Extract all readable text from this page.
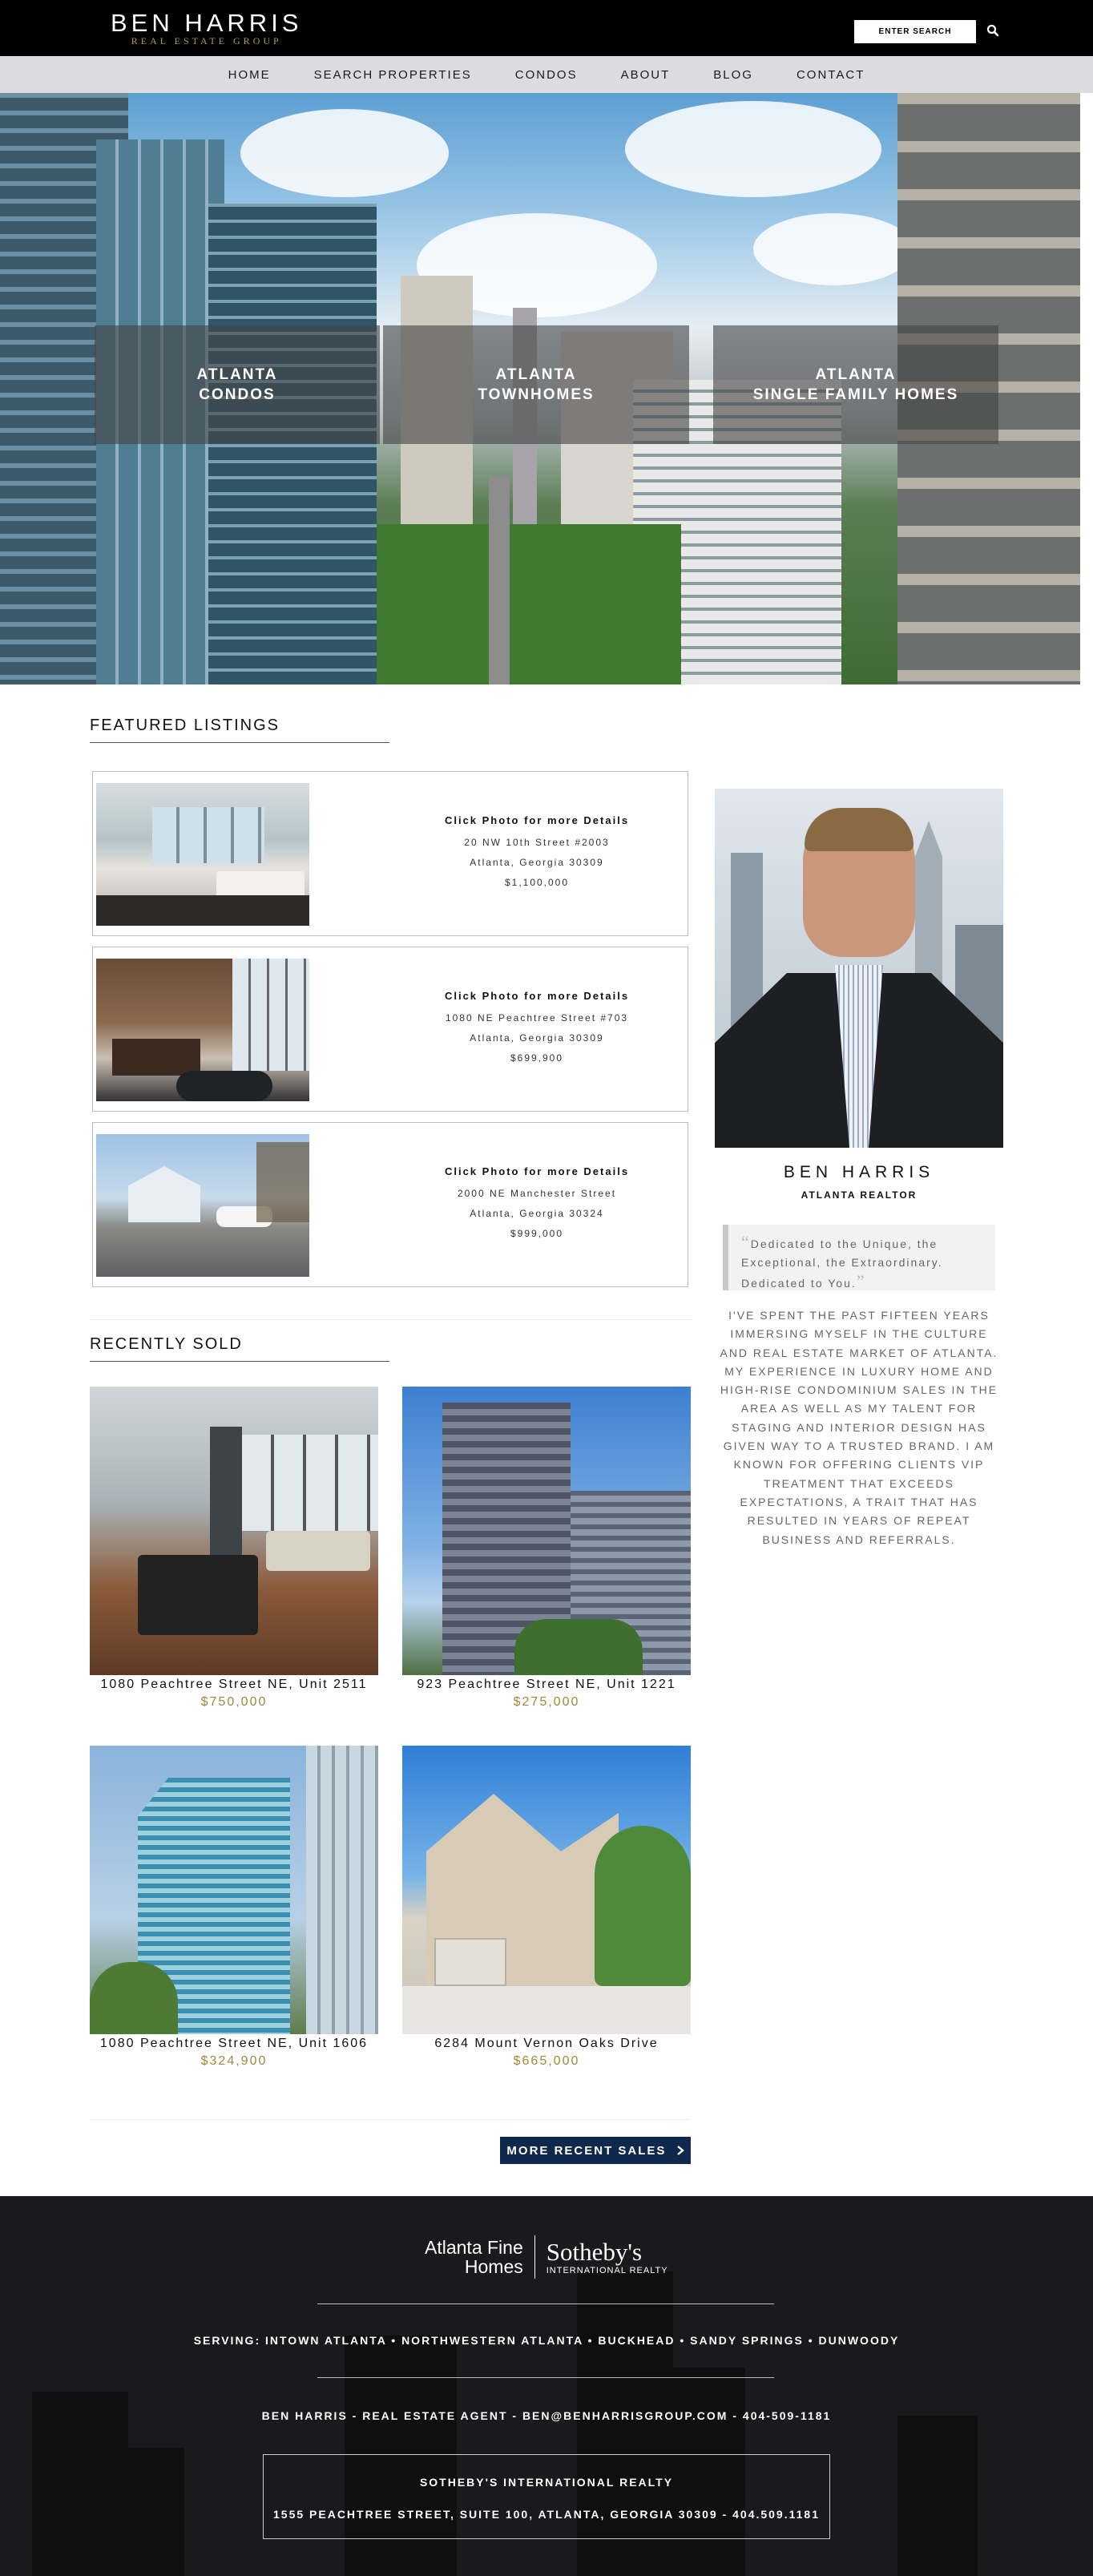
BEN HARRIS
REAL ESTATE GROUP
ENTER SEARCH
HOME	SEARCH PROPERTIES	CONDOS	ABOUT	BLOG	CONTACT
ATLANTA
CONDOS
ATLANTA
TOWNHOMES
ATLANTA
SINGLE FAMILY HOMES
FEATURED LISTINGS
Click Photo for more Details
20 NW 10th Street #2003
Atlanta, Georgia 30309
$1,100,000
Click Photo for more Details
1080 NE Peachtree Street #703
Atlanta, Georgia 30309
$699,900
Click Photo for more Details
2000 NE Manchester Street
Atlanta, Georgia 30324
$999,000
RECENTLY SOLD
1080 Peachtree Street NE, Unit 2511
$750,000
923 Peachtree Street NE, Unit 1221
$275,000
1080 Peachtree Street NE, Unit 1606
$324,900
6284 Mount Vernon Oaks Drive
$665,000
MORE RECENT SALES
BEN HARRIS
ATLANTA REALTOR
“Dedicated to the Unique, the Exceptional, the Extraordinary. Dedicated to You.”
I'VE SPENT THE PAST FIFTEEN YEARS IMMERSING MYSELF IN THE CULTURE AND REAL ESTATE MARKET OF ATLANTA. MY EXPERIENCE IN LUXURY HOME AND HIGH-RISE CONDOMINIUM SALES IN THE AREA AS WELL AS MY TALENT FOR STAGING AND INTERIOR DESIGN HAS GIVEN WAY TO A TRUSTED BRAND. I AM KNOWN FOR OFFERING CLIENTS VIP TREATMENT THAT EXCEEDS EXPECTATIONS, A TRAIT THAT HAS RESULTED IN YEARS OF REPEAT BUSINESS AND REFERRALS.
Atlanta Fine
Homes
Sotheby's
INTERNATIONAL REALTY
SERVING: INTOWN ATLANTA • NORTHWESTERN ATLANTA • BUCKHEAD • SANDY SPRINGS • DUNWOODY
BEN HARRIS - REAL ESTATE AGENT - BEN@BENHARRISGROUP.COM - 404-509-1181
SOTHEBY'S INTERNATIONAL REALTY
1555 PEACHTREE STREET, SUITE 100, ATLANTA, GEORGIA 30309 - 404.509.1181
